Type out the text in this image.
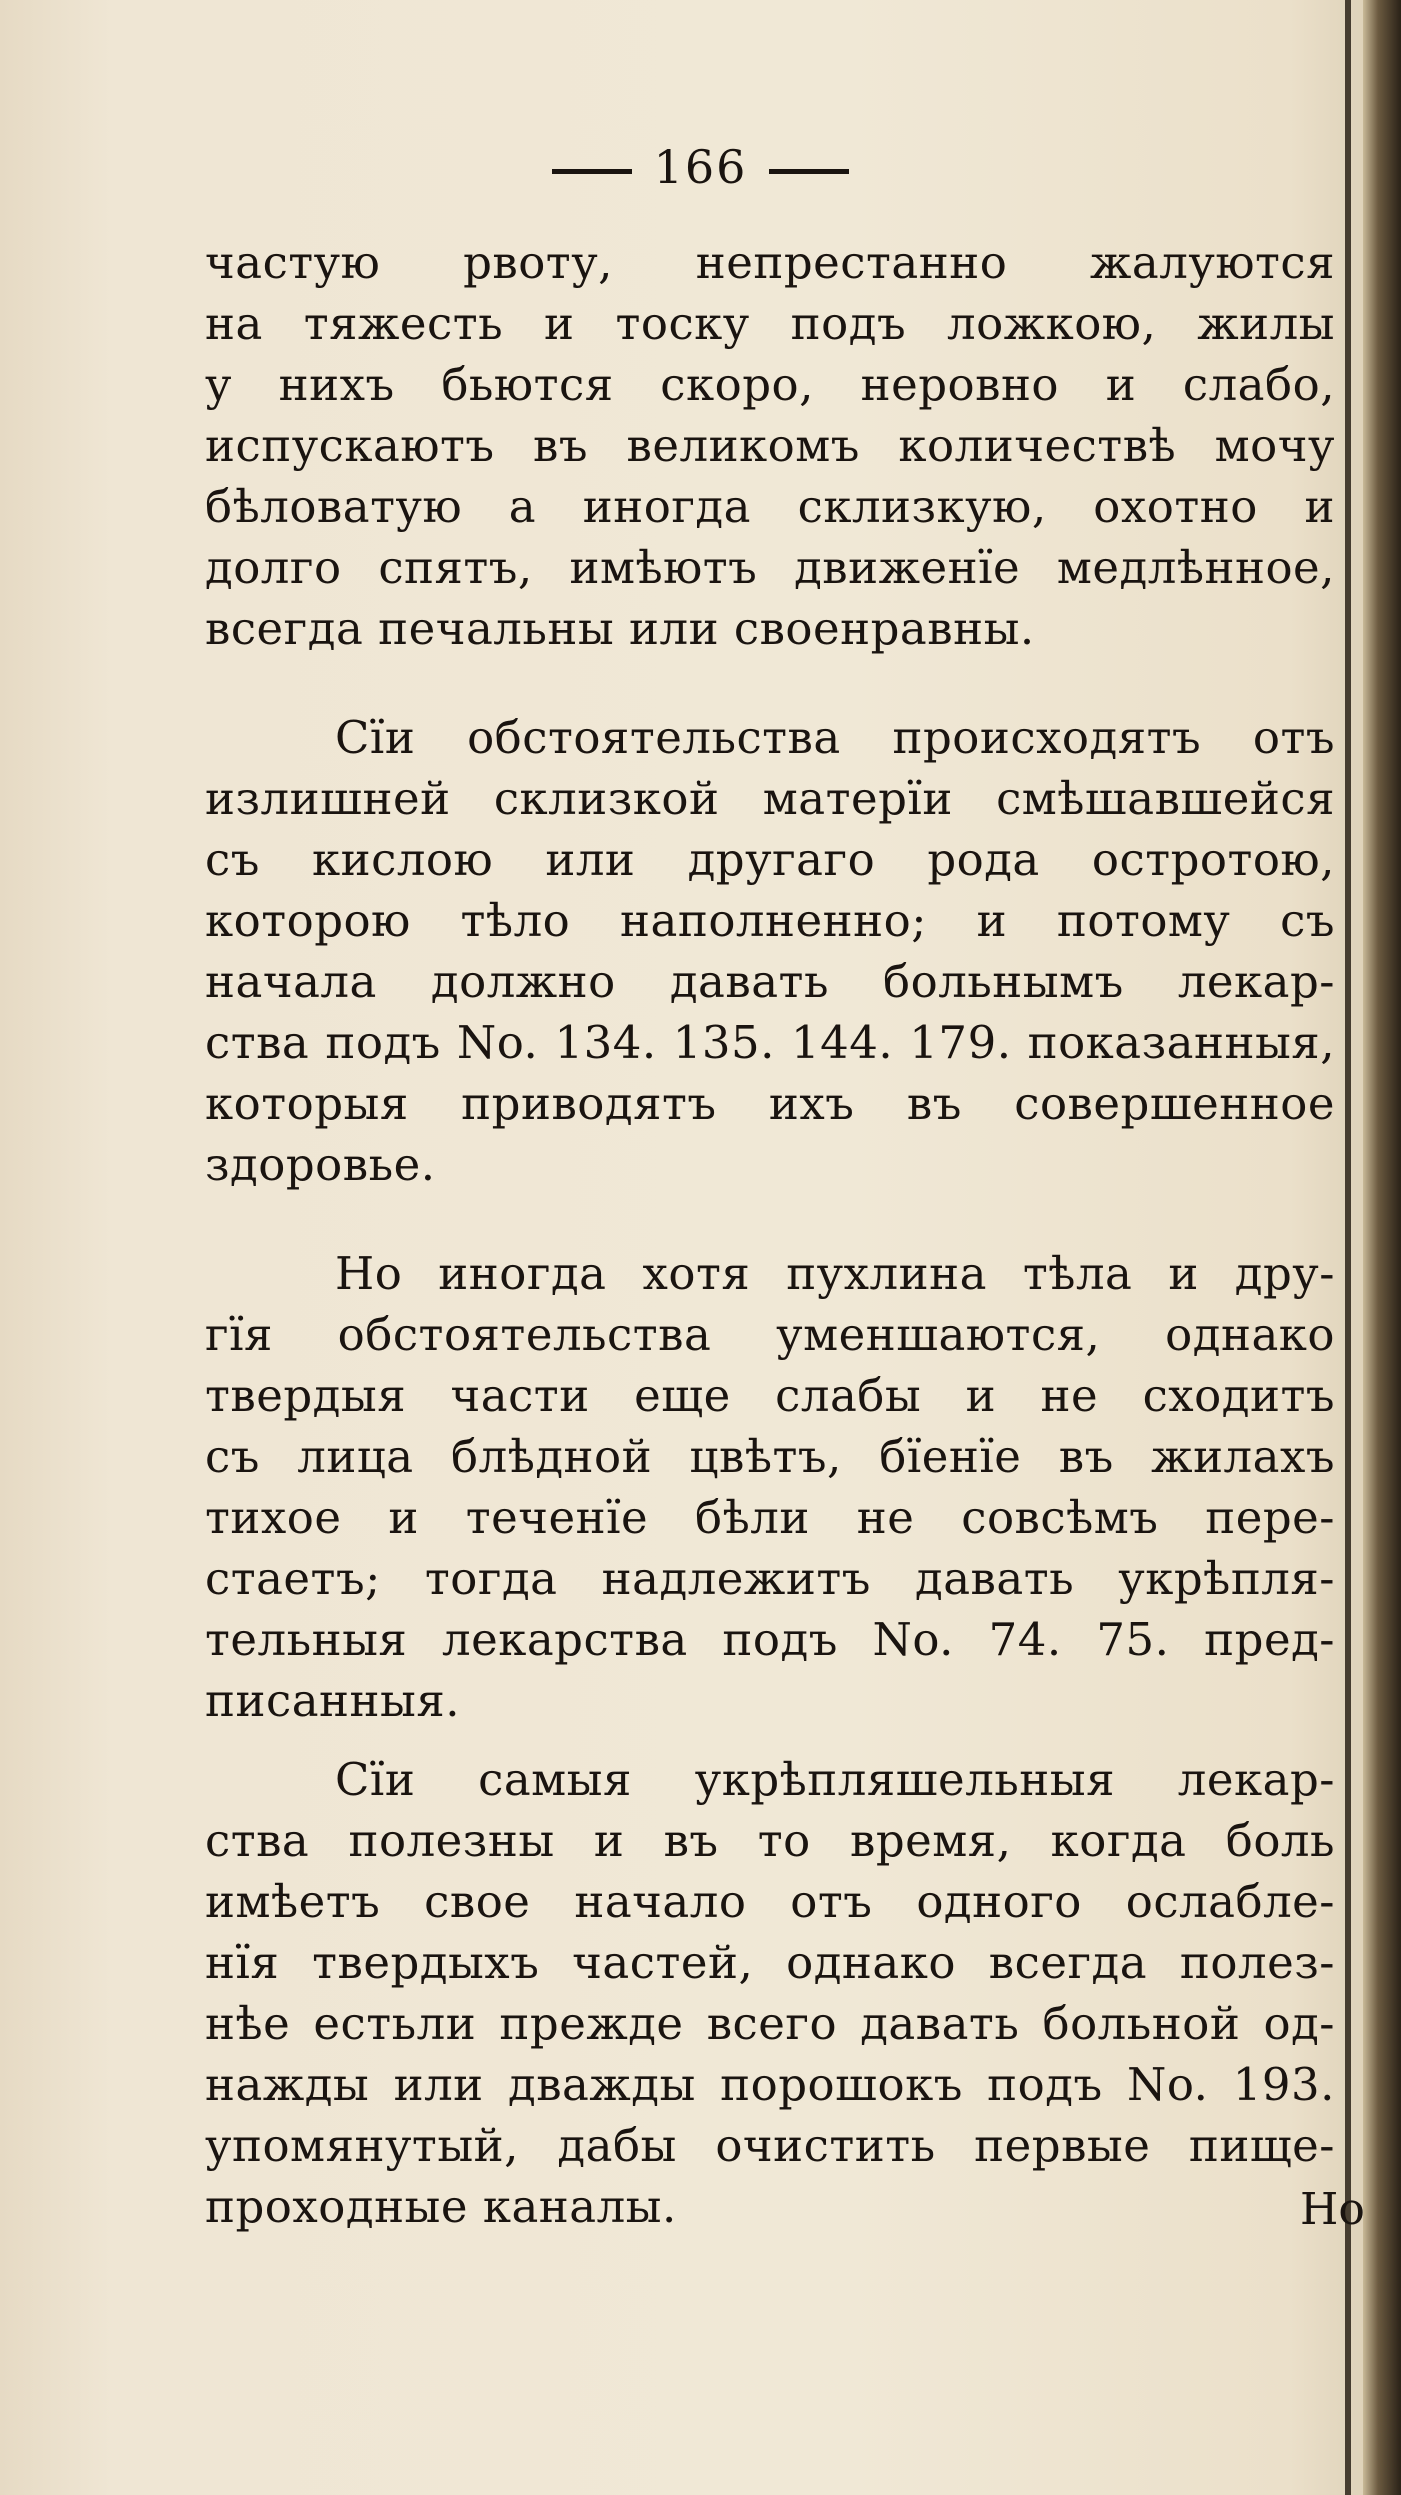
166
частую рвоту, непрестанно жалуются
на тяжесть и тоску подъ ложкою, жилы
у нихъ бьются скоро, неровно и слабо,
испускаютъ въ великомъ количествѣ мочу
бѣловатую а иногда склизкую, охотно и
долго спятъ, имѣютъ движенïе медлѣнное,
всегда печальны или своенравны.
Сïи обстоятельства происходятъ отъ
излишней склизкой матерïи смѣшавшейся
съ кислою или другаго рода остротою,
которою тѣло наполненно; и потому съ
начала должно давать больнымъ лекар-
ства подъ No. 134. 135. 144. 179. показанныя,
которыя приводятъ ихъ въ совершенное
здоровье.
Но иногда хотя пухлина тѣла и дру-
гïя обстоятельства уменшаются, однако
твердыя части еще слабы и не сходитъ
съ лица блѣдной цвѣтъ, бïенïе въ жилахъ
тихое и теченïе бѣли не совсѣмъ пере-
стаетъ; тогда надлежитъ давать укрѣпля-
тельныя лекарства подъ No. 74. 75. пред-
писанныя.
Сïи самыя укрѣпляшельныя лекар-
ства полезны и въ то время, когда боль
имѣетъ свое начало отъ одного ослабле-
нïя твердыхъ частей, однако всегда полез-
нѣе естьли прежде всего давать больной од-
нажды или дважды порошокъ подъ No. 193.
упомянутый, дабы очистить первые пище-
проходные каналы.	Но
